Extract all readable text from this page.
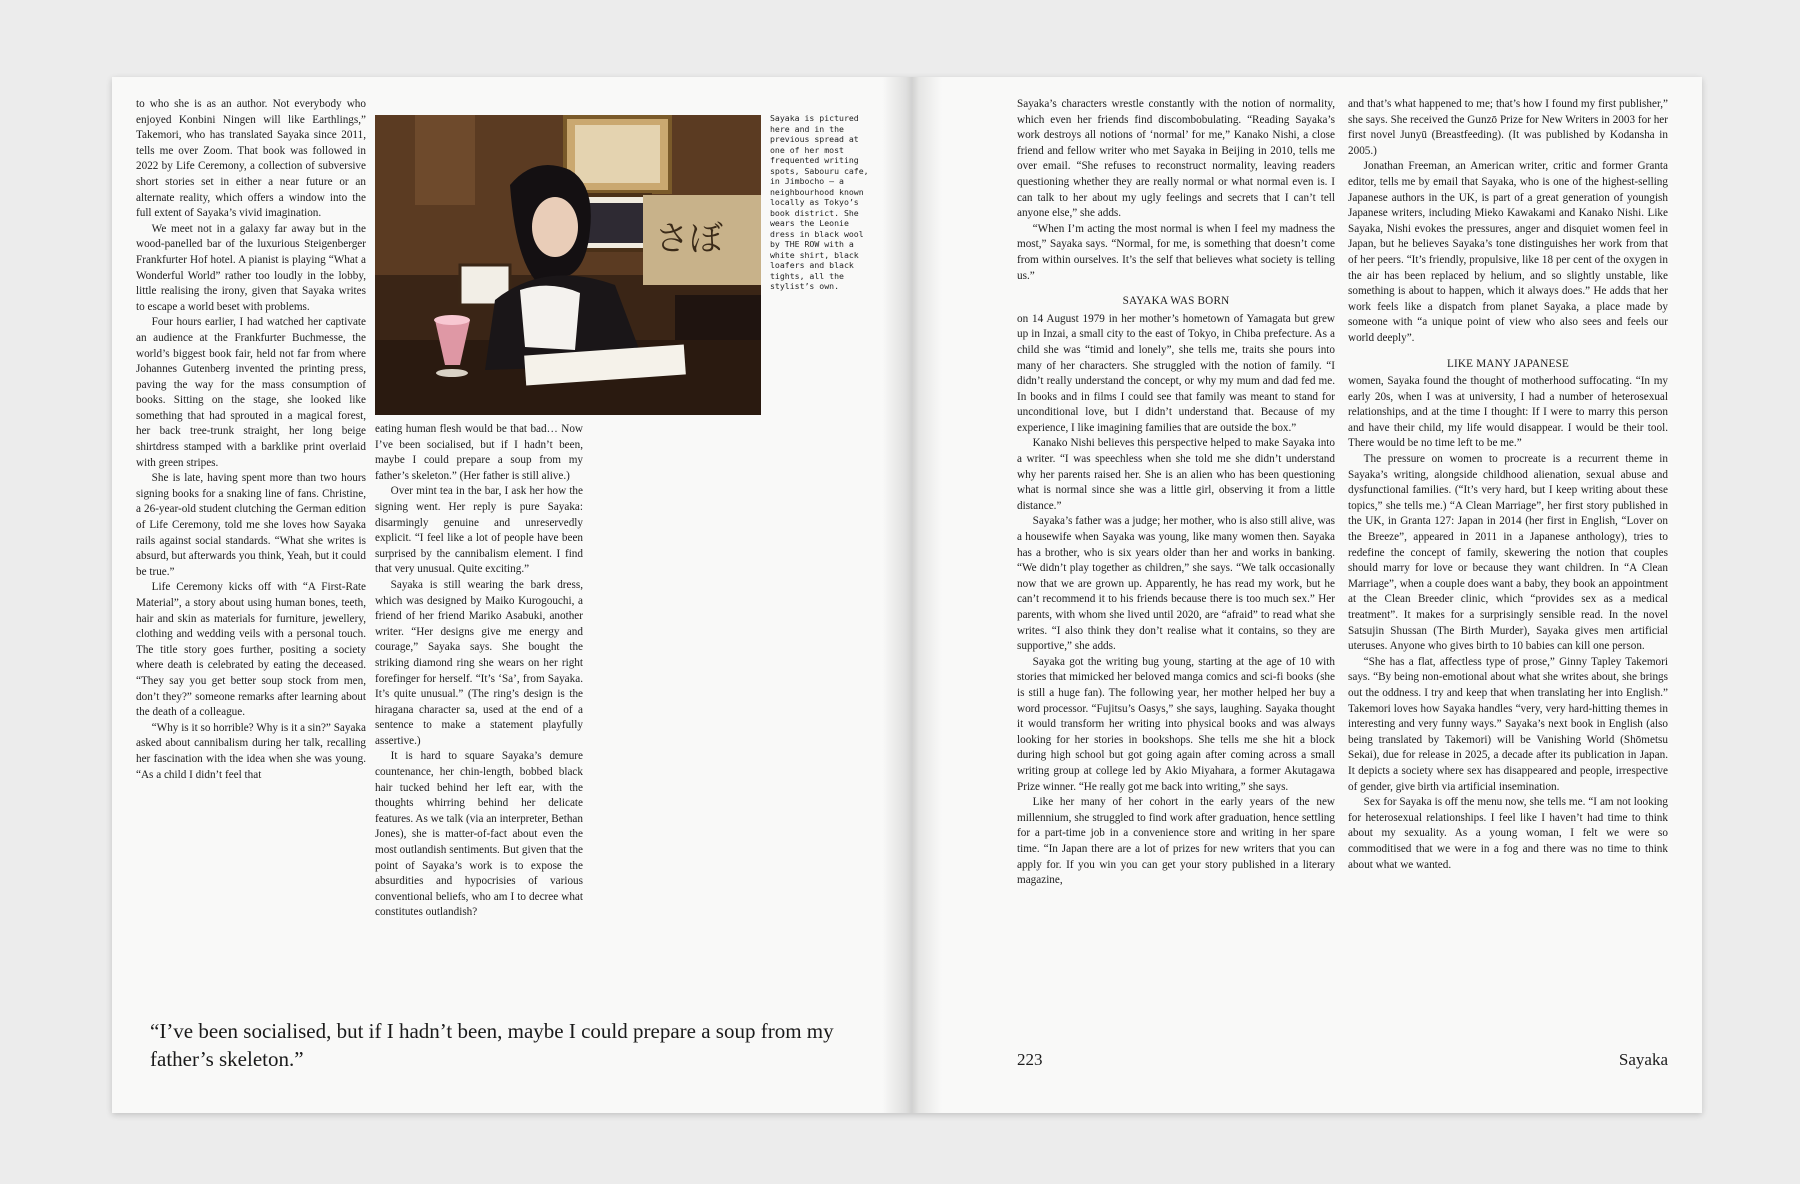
to who she is as an author. Not everybody who enjoyed Konbini Ningen will like Earthlings,” Takemori, who has translated Sayaka since 2011, tells me over Zoom. That book was followed in 2022 by Life Ceremony, a collection of subversive short stories set in either a near future or an alternate reality, which offers a window into the full extent of Sayaka’s vivid imagination.

We meet not in a galaxy far away but in the wood-panelled bar of the luxurious Steigenberger Frankfurter Hof hotel. A pianist is playing “What a Wonderful World” rather too loudly in the lobby, little realising the irony, given that Sayaka writes to escape a world beset with problems.

Four hours earlier, I had watched her captivate an audience at the Frankfurter Buchmesse, the world’s biggest book fair, held not far from where Johannes Gutenberg invented the printing press, paving the way for the mass consumption of books. Sitting on the stage, she looked like something that had sprouted in a magical forest, her back tree-trunk straight, her long beige shirtdress stamped with a barklike print overlaid with green stripes.

She is late, having spent more than two hours signing books for a snaking line of fans. Christine, a 26-year-old student clutching the German edition of Life Ceremony, told me she loves how Sayaka rails against social standards. “What she writes is absurd, but afterwards you think, Yeah, but it could be true.”

Life Ceremony kicks off with “A First-Rate Material”, a story about using human bones, teeth, hair and skin as materials for furniture, jewellery, clothing and wedding veils with a personal touch. The title story goes further, positing a society where death is celebrated by eating the deceased. “They say you get better soup stock from men, don’t they?” someone remarks after learning about the death of a colleague.

“Why is it so horrible? Why is it a sin?” Sayaka asked about cannibalism during her talk, recalling her fascination with the idea when she was young. “As a child I didn’t feel that

さぼ
Sayaka is pictured here and in the previous spread at one of her most frequented writing spots, Sabouru cafe, in Jimbocho – a neighbourhood known locally as Tokyo’s book district. She wears the Leonie dress in black wool by THE ROW with a white shirt, black loafers and black tights, all the stylist’s own.

eating human flesh would be that bad… Now I’ve been socialised, but if I hadn’t been, maybe I could prepare a soup from my father’s skeleton.” (Her father is still alive.)

Over mint tea in the bar, I ask her how the signing went. Her reply is pure Sayaka: disarmingly genuine and unreservedly explicit. “I feel like a lot of people have been surprised by the cannibalism element. I find that very unusual. Quite exciting.”

Sayaka is still wearing the bark dress, which was designed by Maiko Kurogouchi, a friend of her friend Mariko Asabuki, another writer. “Her designs give me energy and courage,” Sayaka says. She bought the striking diamond ring she wears on her right forefinger for herself. “It’s ‘Sa’, from Sayaka. It’s quite unusual.” (The ring’s design is the hiragana character sa, used at the end of a sentence to make a statement playfully assertive.)

It is hard to square Sayaka’s demure countenance, her chin-length, bobbed black hair tucked behind her left ear, with the thoughts whirring behind her delicate features. As we talk (via an interpreter, Bethan Jones), she is matter-of-fact about even the most outlandish sentiments. But given that the point of Sayaka’s work is to expose the absurdities and hypocrisies of various conventional beliefs, who am I to decree what constitutes outlandish?

“I’ve been socialised, but if I hadn’t been, maybe I could prepare a soup from my father’s skeleton.”

Sayaka’s characters wrestle constantly with the notion of normality, which even her friends find discombobulating. “Reading Sayaka’s work destroys all notions of ‘normal’ for me,” Kanako Nishi, a close friend and fellow writer who met Sayaka in Beijing in 2010, tells me over email. “She refuses to reconstruct normality, leaving readers questioning whether they are really normal or what normal even is. I can talk to her about my ugly feelings and secrets that I can’t tell anyone else,” she adds.

“When I’m acting the most normal is when I feel my madness the most,” Sayaka says. “Normal, for me, is something that doesn’t come from within ourselves. It’s the self that believes what society is telling us.”

SAYAKA WAS BORN

on 14 August 1979 in her mother’s hometown of Yamagata but grew up in Inzai, a small city to the east of Tokyo, in Chiba prefecture. As a child she was “timid and lonely”, she tells me, traits she pours into many of her characters. She struggled with the notion of family. “I didn’t really understand the concept, or why my mum and dad fed me. In books and in films I could see that family was meant to stand for unconditional love, but I didn’t understand that. Because of my experience, I like imagining families that are outside the box.”

Kanako Nishi believes this perspective helped to make Sayaka into a writer. “I was speechless when she told me she didn’t understand why her parents raised her. She is an alien who has been questioning what is normal since she was a little girl, observing it from a little distance.”

Sayaka’s father was a judge; her mother, who is also still alive, was a housewife when Sayaka was young, like many women then. Sayaka has a brother, who is six years older than her and works in banking. “We didn’t play together as children,” she says. “We talk occasionally now that we are grown up. Apparently, he has read my work, but he can’t recommend it to his friends because there is too much sex.” Her parents, with whom she lived until 2020, are “afraid” to read what she writes. “I also think they don’t realise what it contains, so they are supportive,” she adds.

Sayaka got the writing bug young, starting at the age of 10 with stories that mimicked her beloved manga comics and sci-fi books (she is still a huge fan). The following year, her mother helped her buy a word processor. “Fujitsu’s Oasys,” she says, laughing. Sayaka thought it would transform her writing into physical books and was always looking for her stories in bookshops. She tells me she hit a block during high school but got going again after coming across a small writing group at college led by Akio Miyahara, a former Akutagawa Prize winner. “He really got me back into writing,” she says.

Like her many of her cohort in the early years of the new millennium, she struggled to find work after graduation, hence settling for a part-time job in a convenience store and writing in her spare time. “In Japan there are a lot of prizes for new writers that you can apply for. If you win you can get your story published in a literary magazine,

and that’s what happened to me; that’s how I found my first publisher,” she says. She received the Gunzō Prize for New Writers in 2003 for her first novel Junyū (Breastfeeding). (It was published by Kodansha in 2005.)

Jonathan Freeman, an American writer, critic and former Granta editor, tells me by email that Sayaka, who is one of the highest-selling Japanese authors in the UK, is part of a great generation of youngish Japanese writers, including Mieko Kawakami and Kanako Nishi. Like Sayaka, Nishi evokes the pressures, anger and disquiet women feel in Japan, but he believes Sayaka’s tone distinguishes her work from that of her peers. “It’s friendly, propulsive, like 18 per cent of the oxygen in the air has been replaced by helium, and so slightly unstable, like something is about to happen, which it always does.” He adds that her work feels like a dispatch from planet Sayaka, a place made by someone with “a unique point of view who also sees and feels our world deeply”.

LIKE MANY JAPANESE

women, Sayaka found the thought of motherhood suffocating. “In my early 20s, when I was at university, I had a number of heterosexual relationships, and at the time I thought: If I were to marry this person and have their child, my life would disappear. I would be their tool. There would be no time left to be me.”

The pressure on women to procreate is a recurrent theme in Sayaka’s writing, alongside childhood alienation, sexual abuse and dysfunctional families. (“It’s very hard, but I keep writing about these topics,” she tells me.) “A Clean Marriage”, her first story published in the UK, in Granta 127: Japan in 2014 (her first in English, “Lover on the Breeze”, appeared in 2011 in a Japanese anthology), tries to redefine the concept of family, skewering the notion that couples should marry for love or because they want children. In “A Clean Marriage”, when a couple does want a baby, they book an appointment at the Clean Breeder clinic, which “provides sex as a medical treatment”. It makes for a surprisingly sensible read. In the novel Satsujin Shussan (The Birth Murder), Sayaka gives men artificial uteruses. Anyone who gives birth to 10 babies can kill one person.

“She has a flat, affectless type of prose,” Ginny Tapley Takemori says. “By being non-emotional about what she writes about, she brings out the oddness. I try and keep that when translating her into English.” Takemori loves how Sayaka handles “very, very hard-hitting themes in interesting and very funny ways.” Sayaka’s next book in English (also being translated by Takemori) will be Vanishing World (Shōmetsu Sekai), due for release in 2025, a decade after its publication in Japan. It depicts a society where sex has disappeared and people, irrespective of gender, give birth via artificial insemination.

Sex for Sayaka is off the menu now, she tells me. “I am not looking for heterosexual relationships. I feel like I haven’t had time to think about my sexuality. As a young woman, I felt we were so commoditised that we were in a fog and there was no time to think about what we wanted.

223	Sayaka
